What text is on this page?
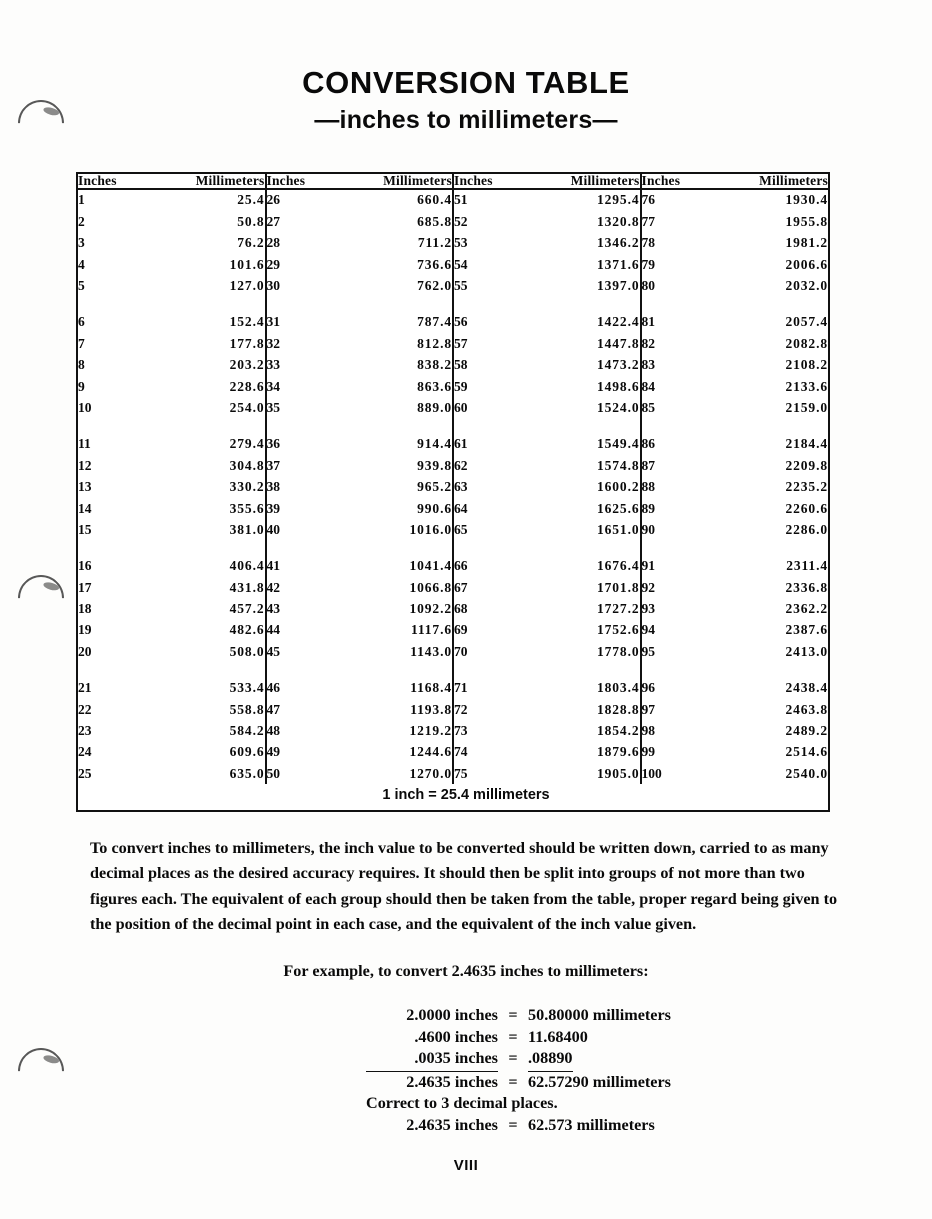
CONVERSION TABLE
—inches to millimeters—
Inches	Millimeters	Inches	Millimeters	Inches	Millimeters	Inches	Millimeters
1	25.4	26	660.4	51	1295.4	76	1930.4
2	50.8	27	685.8	52	1320.8	77	1955.8
3	76.2	28	711.2	53	1346.2	78	1981.2
4	101.6	29	736.6	54	1371.6	79	2006.6
5	127.0	30	762.0	55	1397.0	80	2032.0

6	152.4	31	787.4	56	1422.4	81	2057.4
7	177.8	32	812.8	57	1447.8	82	2082.8
8	203.2	33	838.2	58	1473.2	83	2108.2
9	228.6	34	863.6	59	1498.6	84	2133.6
10	254.0	35	889.0	60	1524.0	85	2159.0

11	279.4	36	914.4	61	1549.4	86	2184.4
12	304.8	37	939.8	62	1574.8	87	2209.8
13	330.2	38	965.2	63	1600.2	88	2235.2
14	355.6	39	990.6	64	1625.6	89	2260.6
15	381.0	40	1016.0	65	1651.0	90	2286.0

16	406.4	41	1041.4	66	1676.4	91	2311.4
17	431.8	42	1066.8	67	1701.8	92	2336.8
18	457.2	43	1092.2	68	1727.2	93	2362.2
19	482.6	44	1117.6	69	1752.6	94	2387.6
20	508.0	45	1143.0	70	1778.0	95	2413.0

21	533.4	46	1168.4	71	1803.4	96	2438.4
22	558.8	47	1193.8	72	1828.8	97	2463.8
23	584.2	48	1219.2	73	1854.2	98	2489.2
24	609.6	49	1244.6	74	1879.6	99	2514.6
25	635.0	50	1270.0	75	1905.0	100	2540.0

1 inch = 25.4 millimeters
To convert inches to millimeters, the inch value to be converted should be written down, carried to as many decimal places as the desired accuracy requires. It should then be split into groups of not more than two figures each. The equivalent of each group should then be taken from the table, proper regard being given to the position of the decimal point in each case, and the equivalent of the inch value given.
For example, to convert 2.4635 inches to millimeters:
2.0000 inches = 50.80000 millimeters
.4600 inches = 11.68400
.0035 inches = .08890
2.4635 inches = 62.57290 millimeters
Correct to 3 decimal places.
2.4635 inches = 62.573 millimeters
VIII
